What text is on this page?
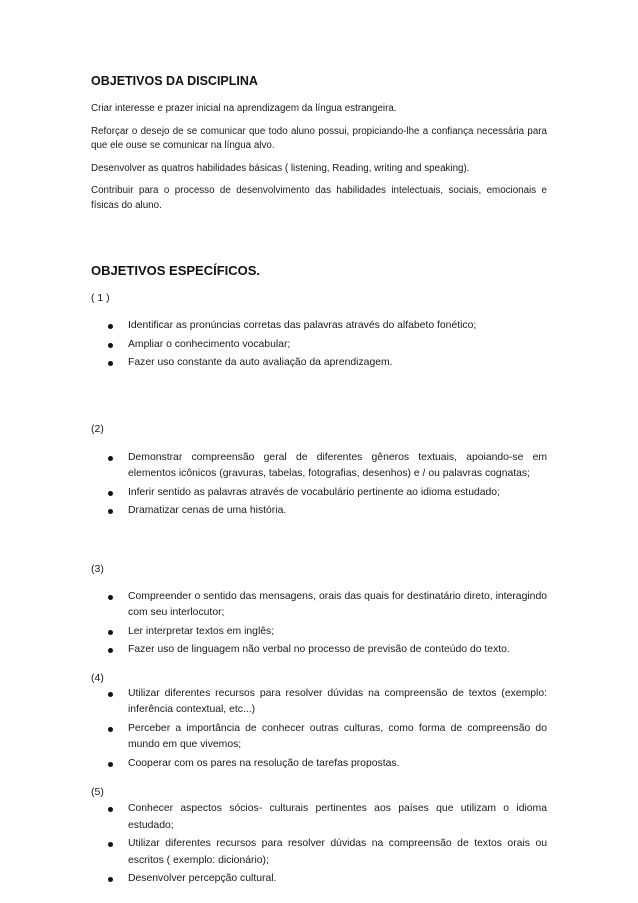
OBJETIVOS DA DISCIPLINA

Criar interesse e prazer inicial na aprendizagem da língua estrangeira.

Reforçar o desejo de se comunicar que todo aluno possui, propiciando-lhe a confiança necessária para que ele ouse se comunicar na língua alvo.

Desenvolver as quatros habilidades básicas ( listening, Reading, writing and speaking).

Contribuir para o processo de desenvolvimento das habilidades intelectuais, sociais, emocionais e físicas do aluno.

OBJETIVOS ESPECÍFICOS.
( 1 )
Identificar as pronúncias corretas das palavras através do alfabeto fonético;
Ampliar o conhecimento vocabular;
Fazer uso constante da auto avaliação da aprendizagem.
(2)
Demonstrar compreensão geral de diferentes gêneros textuais, apoiando-se em elementos icônicos (gravuras, tabelas, fotografias, desenhos) e / ou palavras cognatas;
Inferir sentido as palavras através de vocabulário pertinente ao idioma estudado;
Dramatizar cenas de uma história.
(3)
Compreender o sentido das mensagens, orais das quais for destinatário direto, interagindo com seu interlocutor;
Ler interpretar textos em inglês;
Fazer uso de linguagem não verbal no processo de previsão de conteúdo do texto.
(4)
Utilizar diferentes recursos para resolver dúvidas na compreensão de textos (exemplo: inferência contextual, etc...)
Perceber a importância de conhecer outras culturas, como forma de compreensão do mundo em que vivemos;
Cooperar com os pares na resolução de tarefas propostas.
(5)
Conhecer aspectos sócios- culturais pertinentes aos países que utilizam o idioma estudado;
Utilizar diferentes recursos para resolver dúvidas na compreensão de textos orais ou escritos ( exemplo: dicionário);
Desenvolver percepção cultural.
